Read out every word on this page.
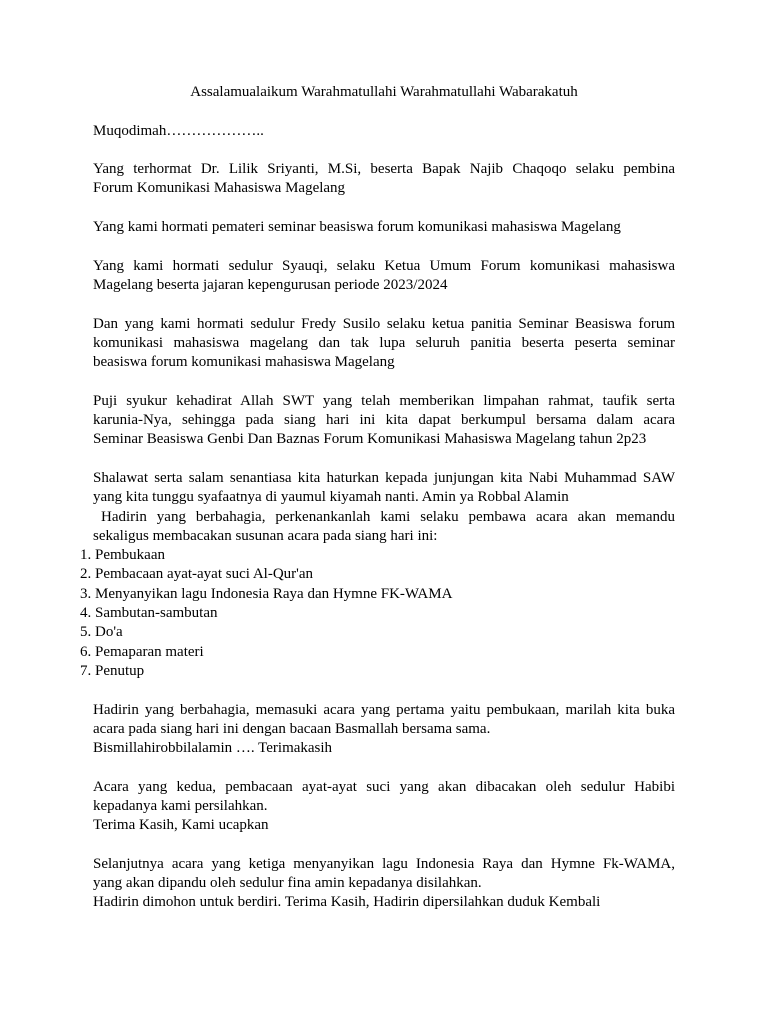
Assalamualaikum Warahmatullahi Warahmatullahi Wabarakatuh

Muqodimah………………..

Yang terhormat Dr. Lilik Sriyanti, M.Si, beserta Bapak Najib Chaqoqo selaku pembina
Forum Komunikasi Mahasiswa Magelang

Yang kami hormati pemateri seminar beasiswa forum komunikasi mahasiswa Magelang

Yang kami hormati sedulur Syauqi, selaku Ketua Umum Forum komunikasi mahasiswa
Magelang beserta jajaran kepengurusan periode 2023/2024

Dan yang kami hormati sedulur Fredy Susilo selaku ketua panitia Seminar Beasiswa forum
komunikasi mahasiswa magelang dan tak lupa seluruh panitia beserta peserta seminar
beasiswa forum komunikasi mahasiswa Magelang

Puji syukur kehadirat Allah SWT yang telah memberikan limpahan rahmat, taufik serta
karunia-Nya, sehingga pada siang hari ini kita dapat berkumpul bersama dalam acara
Seminar Beasiswa Genbi Dan Baznas Forum Komunikasi Mahasiswa Magelang tahun 2p23

Shalawat serta salam senantiasa kita haturkan kepada junjungan kita Nabi Muhammad SAW
yang kita tunggu syafaatnya di yaumul kiyamah nanti. Amin ya Robbal Alamin
Hadirin yang berbahagia, perkenankanlah kami selaku pembawa acara akan memandu
sekaligus membacakan susunan acara pada siang hari ini:

1. Pembukaan
2. Pembacaan ayat-ayat suci Al-Qur'an
3. Menyanyikan lagu Indonesia Raya dan Hymne FK-WAMA
4. Sambutan-sambutan
5. Do'a
6. Pemaparan materi
7. Penutup

Hadirin yang berbahagia, memasuki acara yang pertama yaitu pembukaan, marilah kita buka
acara pada siang hari ini dengan bacaan Basmallah bersama sama.
Bismillahirobbilalamin …. Terimakasih

Acara yang kedua, pembacaan ayat-ayat suci yang akan dibacakan oleh sedulur Habibi
kepadanya kami persilahkan.
Terima Kasih, Kami ucapkan

Selanjutnya acara yang ketiga menyanyikan lagu Indonesia Raya dan Hymne Fk-WAMA,
yang akan dipandu oleh sedulur fina amin kepadanya disilahkan.
Hadirin dimohon untuk berdiri. Terima Kasih, Hadirin dipersilahkan duduk Kembali
